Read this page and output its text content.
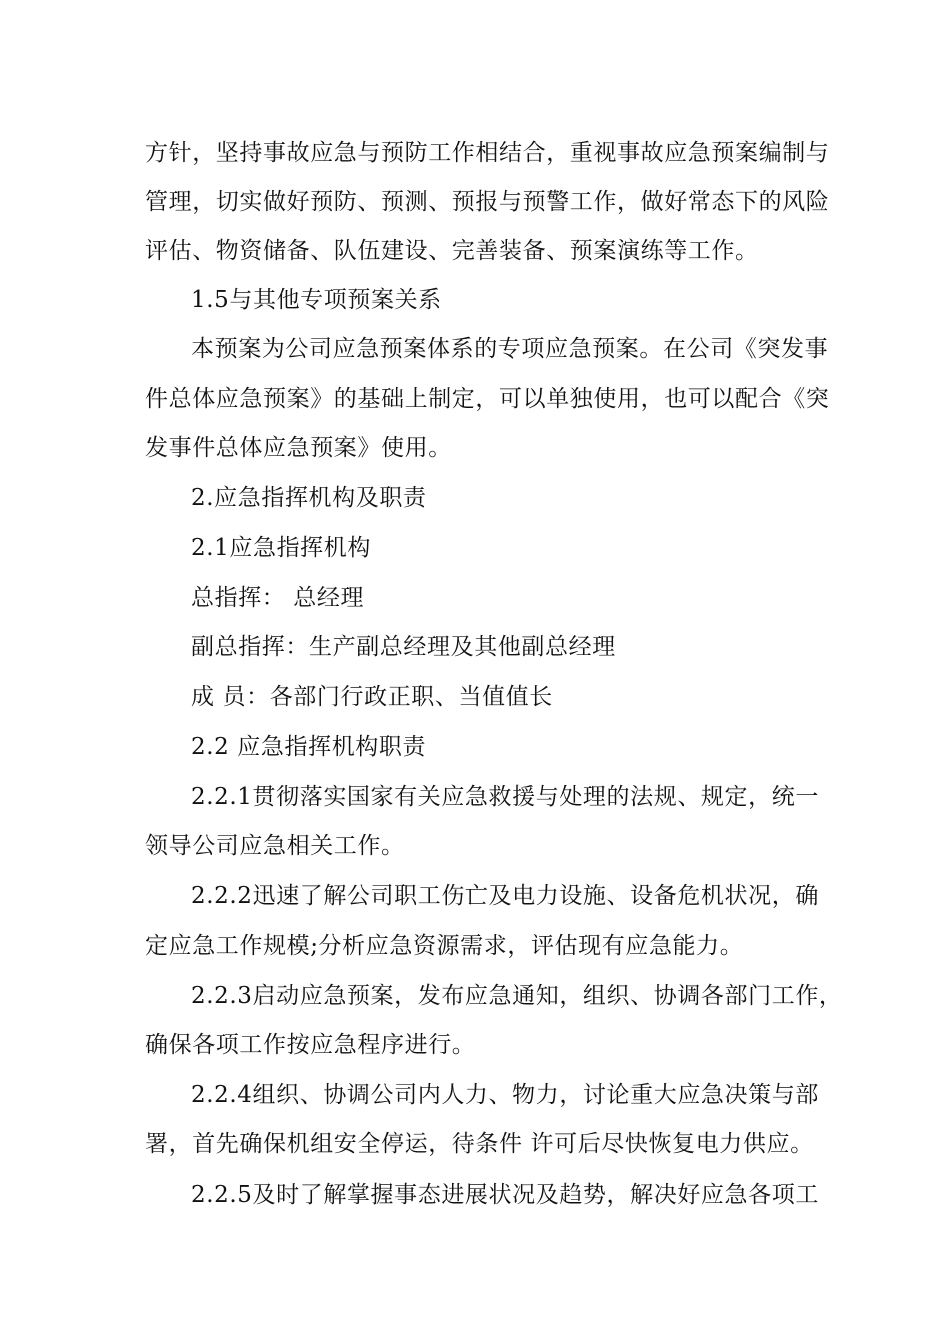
方针，坚持事故应急与预防工作相结合，重视事故应急预案编制与
管理，切实做好预防、预测、预报与预警工作，做好常态下的风险
评估、物资储备、队伍建设、完善装备、预案演练等工作。
1.5与其他专项预案关系
本预案为公司应急预案体系的专项应急预案。在公司《突发事
件总体应急预案》的基础上制定，可以单独使用，也可以配合《突
发事件总体应急预案》使用。
2.应急指挥机构及职责
2.1应急指挥机构
总指挥： 总经理
副总指挥：生产副总经理及其他副总经理
成 员：各部门行政正职、当值值长
2.2 应急指挥机构职责
2.2.1贯彻落实国家有关应急救援与处理的法规、规定，统一
领导公司应急相关工作。
2.2.2迅速了解公司职工伤亡及电力设施、设备危机状况，确
定应急工作规模;分析应急资源需求，评估现有应急能力。
2.2.3启动应急预案，发布应急通知，组织、协调各部门工作，
确保各项工作按应急程序进行。
2.2.4组织、协调公司内人力、物力，讨论重大应急决策与部
署，首先确保机组安全停运，待条件 许可后尽快恢复电力供应。
2.2.5及时了解掌握事态进展状况及趋势，解决好应急各项工
